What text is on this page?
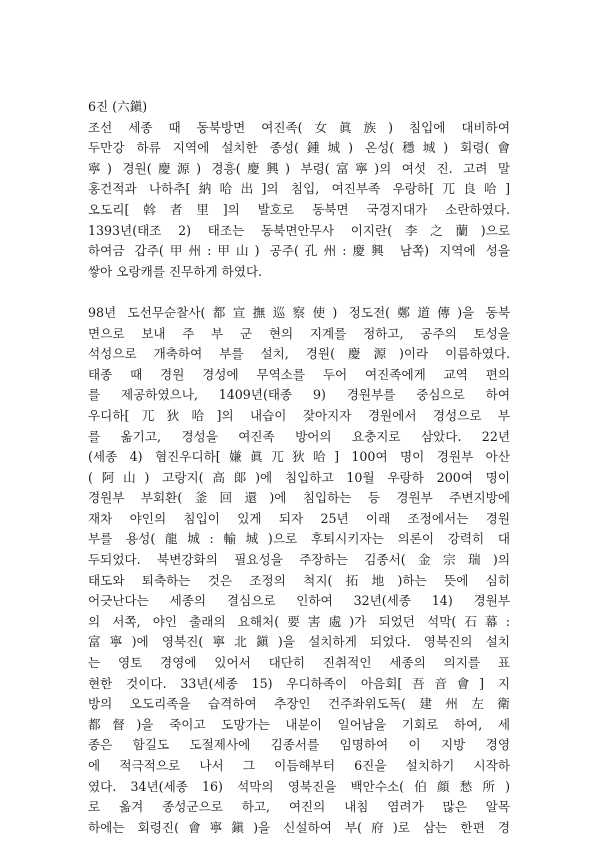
6진 (六鎭)
조선 세종 때 동북방면 여진족(女眞族) 침입에 대비하여
두만강 하류 지역에 설치한 종성(鍾城) 온성(穩城) 회령(會
寧) 경원(慶源) 경흥(慶興) 부령(富寧)의 여섯 진. 고려 말
홍건적과 나하추[納哈出]의 침입, 여진부족 우랑하[兀良哈]
오도리[斡者里]의 발호로 동북면 국경지대가 소란하였다.
1393년(태조 2) 태조는 동북면안무사 이지란(李之蘭)으로
하여금 갑주(甲州:甲山) 공주(孔州:慶興 남쪽) 지역에 성을
쌓아 오랑캐를 진무하게 하였다.
98년 도선무순찰사(都宣撫巡察使) 정도전(鄭道傳)을 동북
면으로 보내 주 부 군 현의 지계를 정하고, 공주의 토성을
석성으로 개축하여 부를 설치, 경원(慶源)이라 이름하였다.
태종 때 경원 경성에 무역소를 두어 여진족에게 교역 편의
를 제공하였으나, 1409년(태종 9) 경원부를 중심으로 하여
우디하[兀狄哈]의 내습이 잦아지자 경원에서 경성으로 부
를 옮기고, 경성을 여진족 방어의 요충지로 삼았다. 22년
(세종 4) 혐진우디하[嫌眞兀狄哈] 100여 명이 경원부 아산
(阿山) 고랑지(高郞)에 침입하고 10월 우랑하 200여 명이
경원부 부회환(釜回還)에 침입하는 등 경원부 주변지방에
재차 야인의 침입이 있게 되자 25년 이래 조정에서는 경원
부를 용성(龍城:輸城)으로 후퇴시키자는 의론이 강력히 대
두되었다. 북변강화의 필요성을 주장하는 김종서(金宗瑞)의
태도와 퇴축하는 것은 조정의 척지(拓地)하는 뜻에 심히
어긋난다는 세종의 결심으로 인하여 32년(세종 14) 경원부
의 서쪽, 야인 출래의 요해처(要害處)가 되었던 석막(石幕:
富寧)에 영북진(寧北鎭)을 설치하게 되었다. 영북진의 설치
는 영토 경영에 있어서 대단히 진취적인 세종의 의지를 표
현한 것이다. 33년(세종 15) 우디하족이 아음회[吾音會] 지
방의 오도리족을 습격하여 추장인 건주좌위도독(建州左衛
都督)을 죽이고 도망가는 내분이 일어남을 기회로 하여, 세
종은 함길도 도절제사에 김종서를 임명하여 이 지방 경영
에 적극적으로 나서 그 이듬해부터 6진을 설치하기 시작하
였다. 34년(세종 16) 석막의 영북진을 백안수소(伯顔愁所)
로 옮겨 종성군으로 하고, 여진의 내침 염려가 많은 알목
하에는 회령진(會寧鎭)을 신설하여 부(府)로 삼는 한편 경
